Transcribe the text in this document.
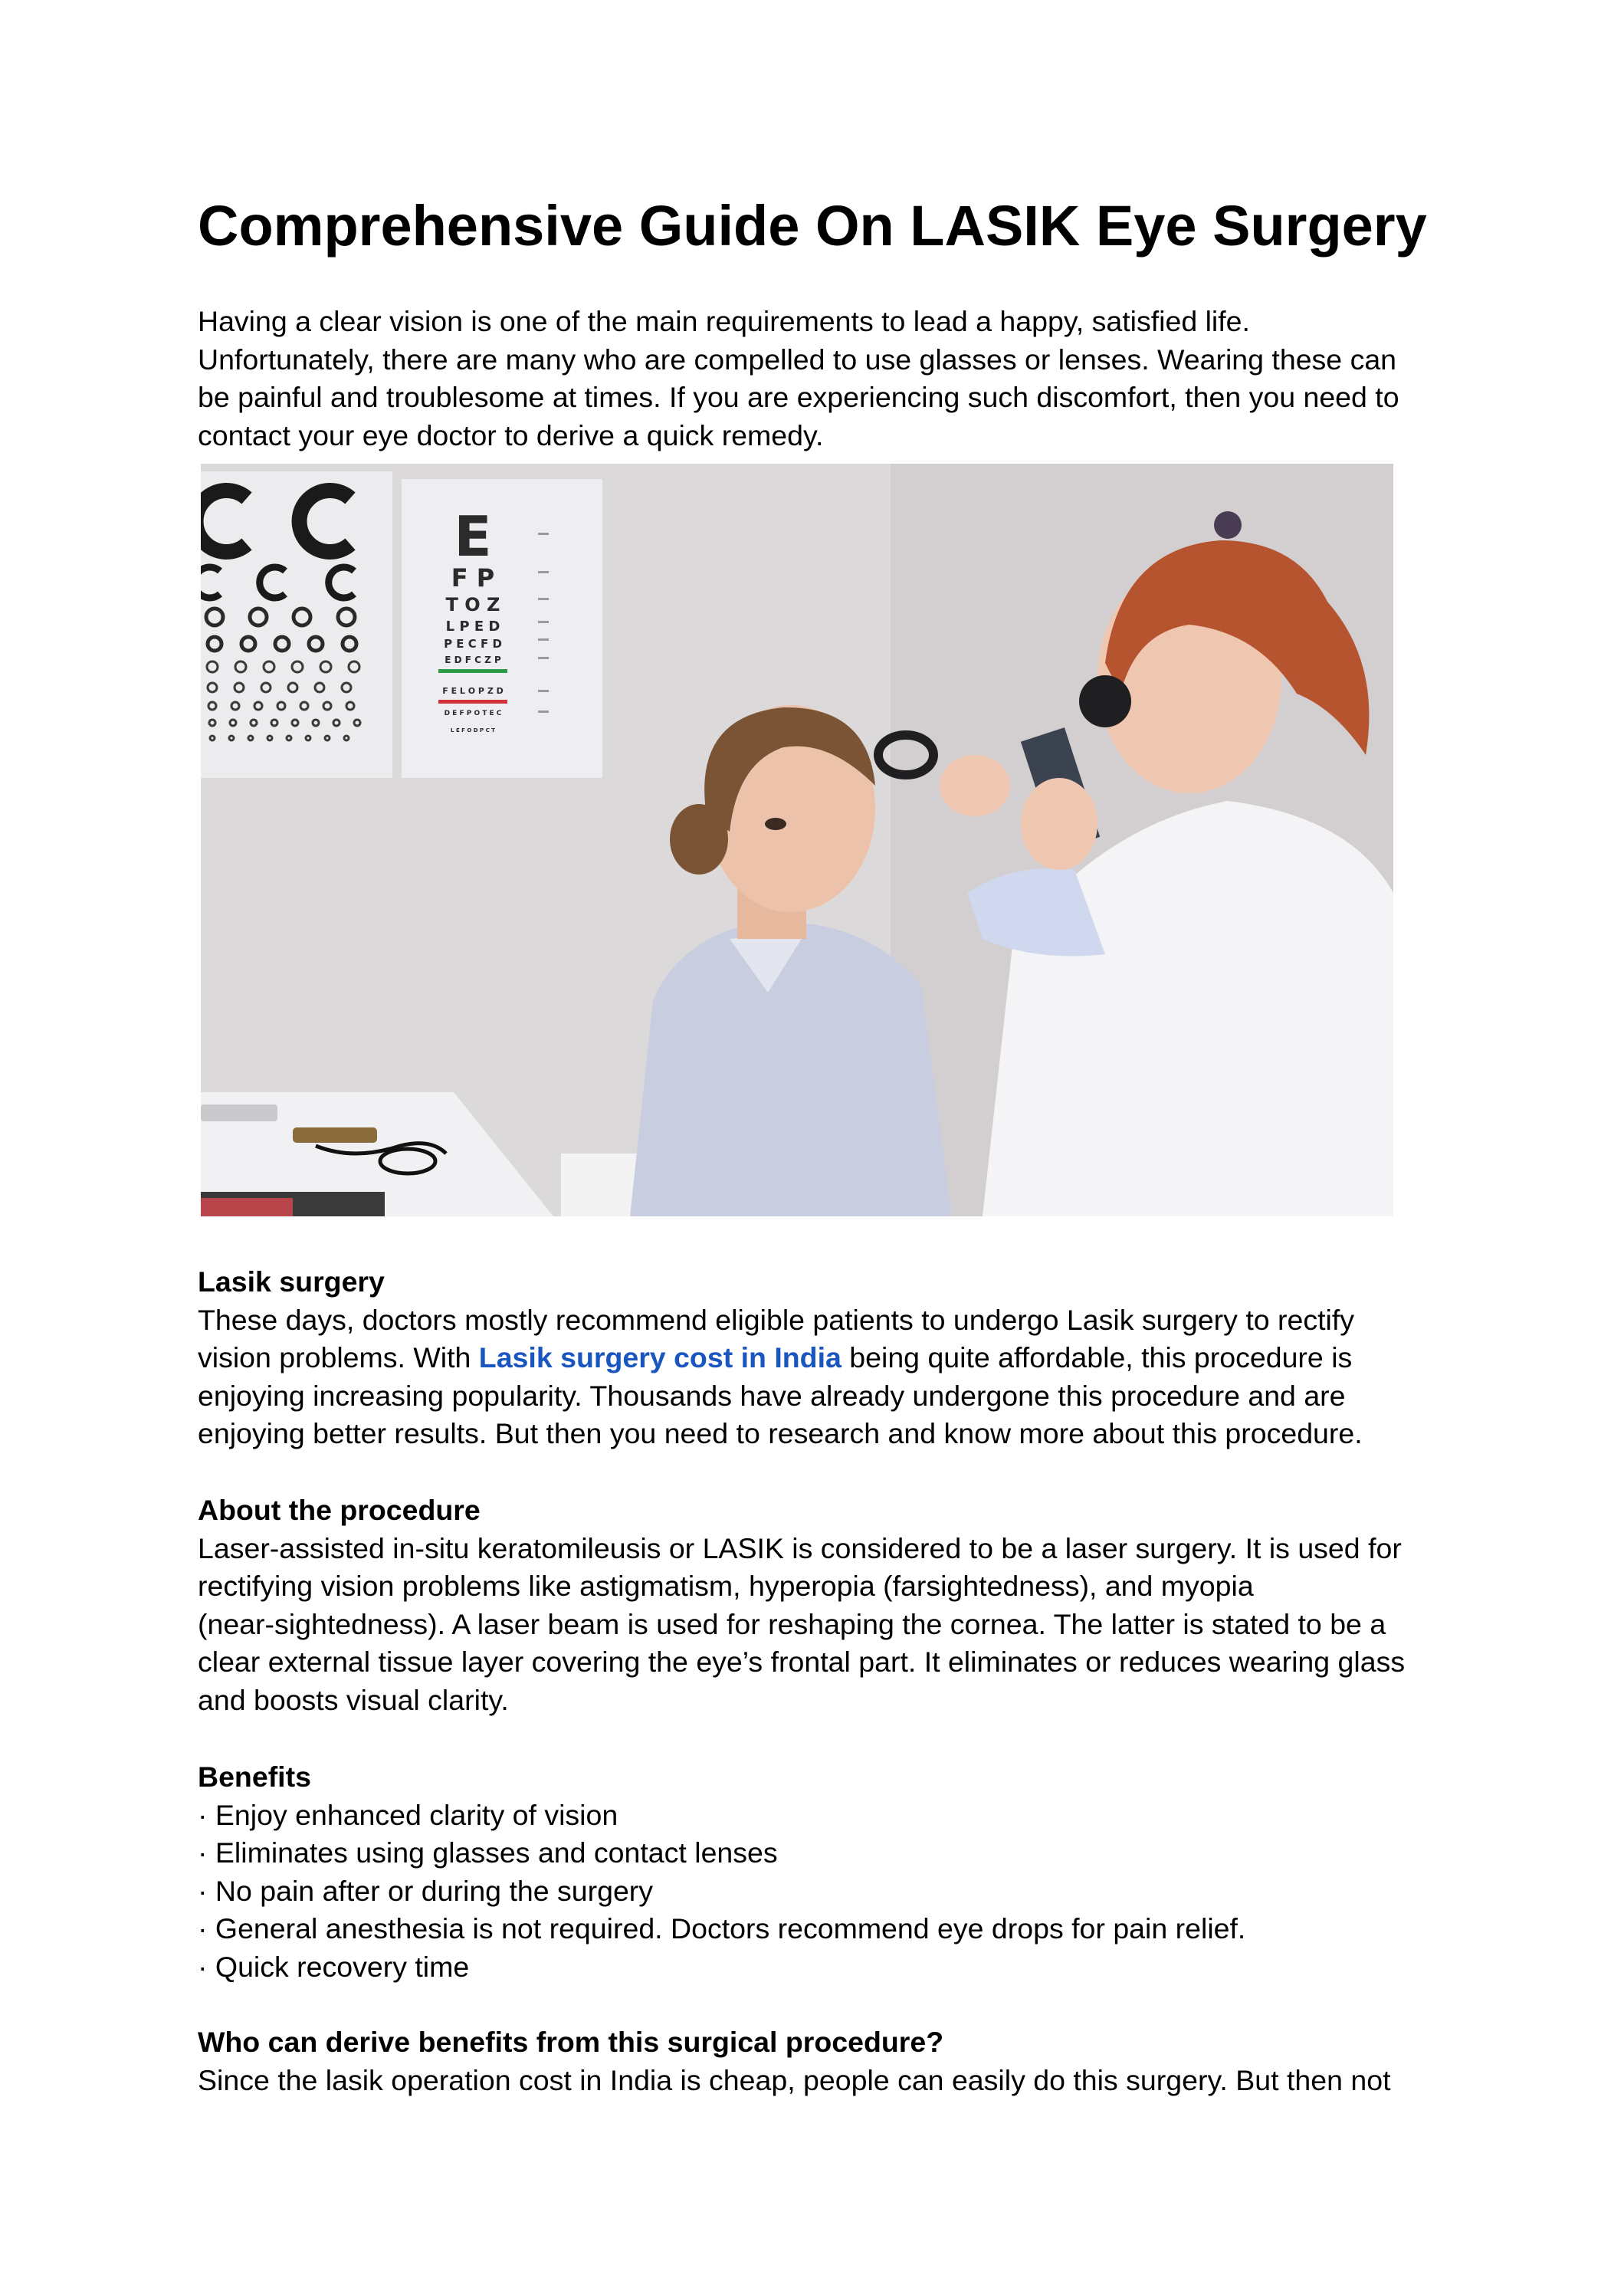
Comprehensive Guide On LASIK Eye Surgery
Having a clear vision is one of the main requirements to lead a happy, satisfied life.
Unfortunately, there are many who are compelled to use glasses or lenses. Wearing these can
be painful and troublesome at times. If you are experiencing such discomfort, then you need to
contact your eye doctor to derive a quick remedy.
E
F P
T O Z
L P E D
P E C F D
E D F C Z P
F E L O P Z D
D E F P O T E C
L E F O D P C T
Lasik surgery
These days, doctors mostly recommend eligible patients to undergo Lasik surgery to rectify
vision problems. With Lasik surgery cost in India being quite affordable, this procedure is
enjoying increasing popularity. Thousands have already undergone this procedure and are
enjoying better results. But then you need to research and know more about this procedure.
About the procedure
Laser-assisted in-situ keratomileusis or LASIK is considered to be a laser surgery. It is used for
rectifying vision problems like astigmatism, hyperopia (farsightedness), and myopia
(near-sightedness). A laser beam is used for reshaping the cornea. The latter is stated to be a
clear external tissue layer covering the eye’s frontal part. It eliminates or reduces wearing glass
and boosts visual clarity.
Benefits
· Enjoy enhanced clarity of vision
· Eliminates using glasses and contact lenses
· No pain after or during the surgery
· General anesthesia is not required. Doctors recommend eye drops for pain relief.
· Quick recovery time
Who can derive benefits from this surgical procedure?
Since the lasik operation cost in India is cheap, people can easily do this surgery. But then not
